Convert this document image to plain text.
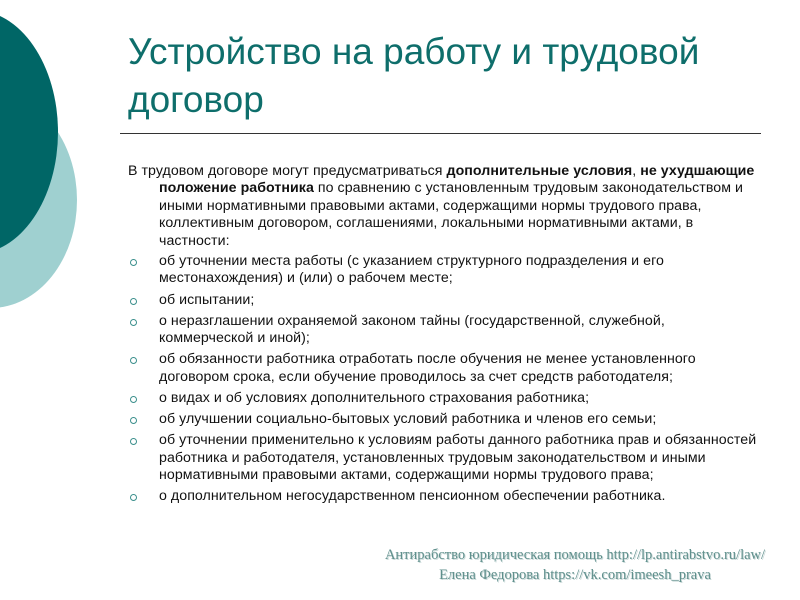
Устройство на работу и трудовой договор

В трудовом договоре могут предусматриваться дополнительные условия, не ухудшающие положение работника по сравнению с установленным трудовым законодательством и иными нормативными правовыми актами, содержащими нормы трудового права, коллективным договором, соглашениями, локальными нормативными актами, в частности:

об уточнении места работы (с указанием структурного подразделения и его местонахождения) и (или) о рабочем месте;
об испытании;
о неразглашении охраняемой законом тайны (государственной, служебной, коммерческой и иной);
об обязанности работника отработать после обучения не менее установленного договором срока, если обучение проводилось за счет средств работодателя;
о видах и об условиях дополнительного страхования работника;
об улучшении социально-бытовых условий работника и членов его семьи;
об уточнении применительно к условиям работы данного работника прав и обязанностей работника и работодателя, установленных трудовым законодательством и иными нормативными правовыми актами, содержащими нормы трудового права;
о дополнительном негосударственном пенсионном обеспечении работника.
Антирабство юридическая помощь http://lp.antirabstvo.ru/law/
Елена Федорова https://vk.com/imeesh_prava
